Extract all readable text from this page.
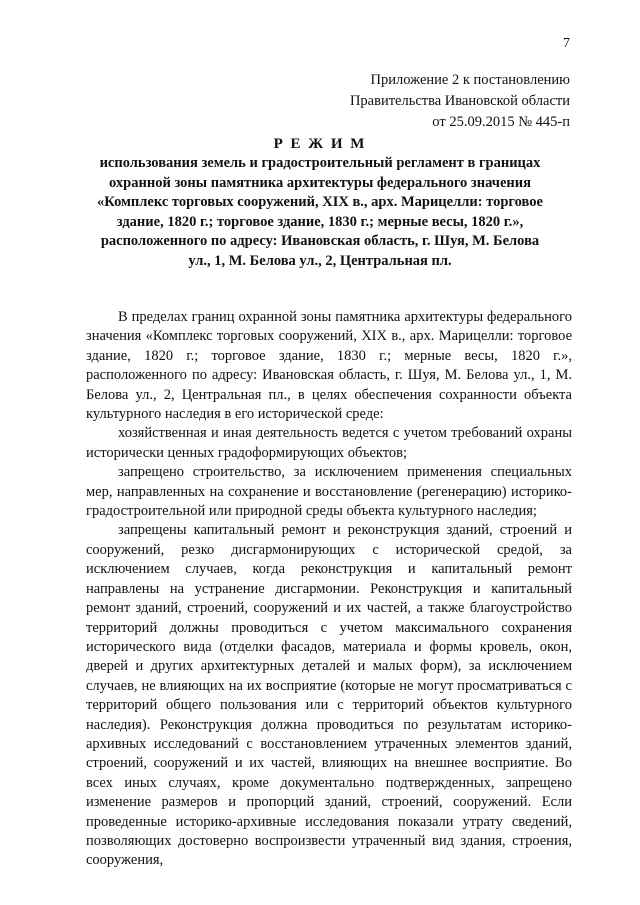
7
Приложение 2 к постановлению
Правительства Ивановской области
от 25.09.2015 № 445-п
Р Е Ж И М
использования земель и градостроительный регламент в границах охранной зоны памятника архитектуры федерального значения «Комплекс торговых сооружений, XIX в., арх. Марицелли: торговое здание, 1820 г.; торговое здание, 1830 г.; мерные весы, 1820 г.», расположенного по адресу: Ивановская область, г. Шуя, М. Белова ул., 1, М. Белова ул., 2, Центральная пл.

В пределах границ охранной зоны памятника архитектуры федерального значения «Комплекс торговых сооружений, XIX в., арх. Марицелли: торговое здание, 1820 г.; торговое здание, 1830 г.; мерные весы, 1820 г.», расположенного по адресу: Ивановская область, г. Шуя, М. Белова ул., 1, М. Белова ул., 2, Центральная пл., в целях обеспечения сохранности объекта культурного наследия в его исторической среде:

хозяйственная и иная деятельность ведется с учетом требований охраны исторически ценных градоформирующих объектов;

запрещено строительство, за исключением применения специальных мер, направленных на сохранение и восстановление (регенерацию) историко-градостроительной или природной среды объекта культурного наследия;

запрещены капитальный ремонт и реконструкция зданий, строений и сооружений, резко дисгармонирующих с исторической средой, за исключением случаев, когда реконструкция и капитальный ремонт направлены на устранение дисгармонии. Реконструкция и капитальный ремонт зданий, строений, сооружений и их частей, а также благоустройство территорий должны проводиться с учетом максимального сохранения исторического вида (отделки фасадов, материала и формы кровель, окон, дверей и других архитектурных деталей и малых форм), за исключением случаев, не влияющих на их восприятие (которые не могут просматриваться с территорий общего пользования или с территорий объектов культурного наследия). Реконструкция должна проводиться по результатам историко-архивных исследований с восстановлением утраченных элементов зданий, строений, сооружений и их частей, влияющих на внешнее восприятие. Во всех иных случаях, кроме документально подтвержденных, запрещено изменение размеров и пропорций зданий, строений, сооружений. Если проведенные историко-архивные исследования показали утрату сведений, позволяющих достоверно воспроизвести утраченный вид здания, строения, сооружения,
